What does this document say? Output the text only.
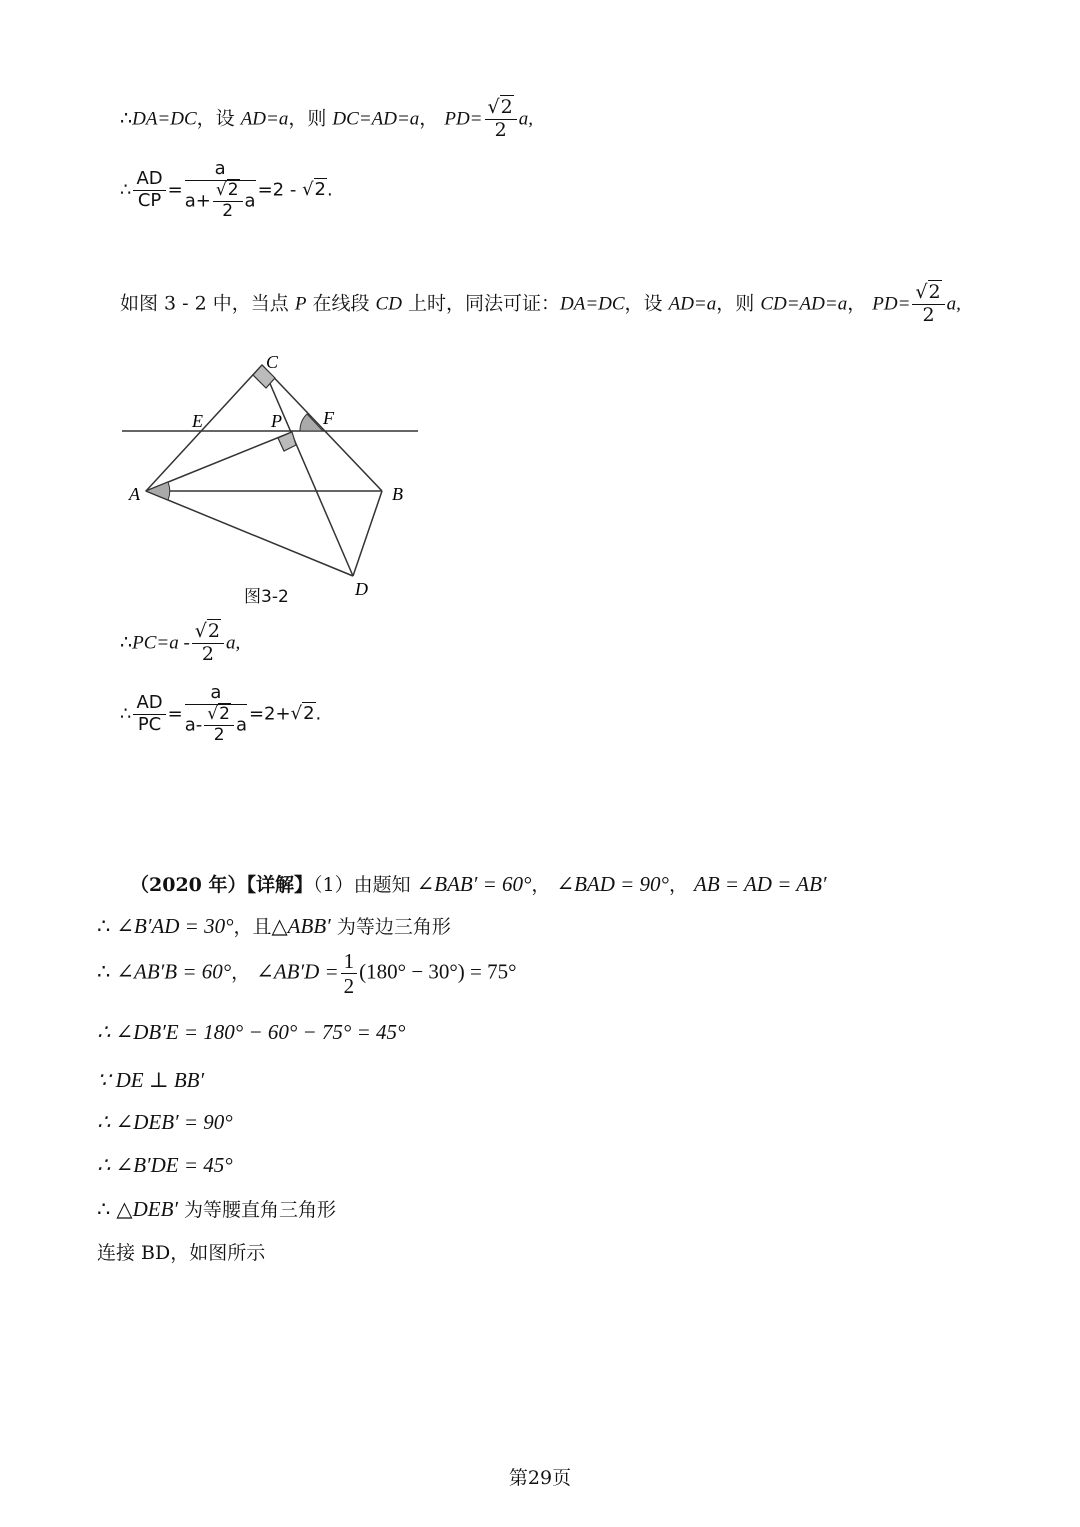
∴DA=DC，设 AD=a，则 DC=AD=a， $PD= \frac{√2}{2} a$,
∴ $\frac{AD}{CP} = \frac{a}{a+ \frac{√2}{2} a} =2 - √2$.
如图 3 - 2 中，当点 P 在线段 CD 上时，同法可证：DA=DC，设 AD=a，则 CD=AD=a， $PD= \frac{√2}{2} a$,
C
E	P F
A	B
D
图3-2
∴PC=a - $\frac{√2}{2} a$,
∴ $\frac{AD}{PC} = \frac{a}{a- \frac{√2}{2} a} =2+√2$.
（2020 年）【详解】（1）由题知 ∠BAB′ = 60°， ∠BAD = 90°， AB = AD = AB′
∴ ∠B′AD = 30°，且△ABB′ 为等边三角形
∴ ∠AB′B = 60°， ∠AB′D = $\frac{1}{2} (180^\circ - 30^\circ) = 75^\circ$
∴ ∠DB′E = 180° − 60° − 75° = 45°
∵ DE ⊥ BB′
∴ ∠DEB′ = 90°
∴ ∠B′DE = 45°
∴ △DEB′ 为等腰直角三角形
连接 BD，如图所示
第29页
